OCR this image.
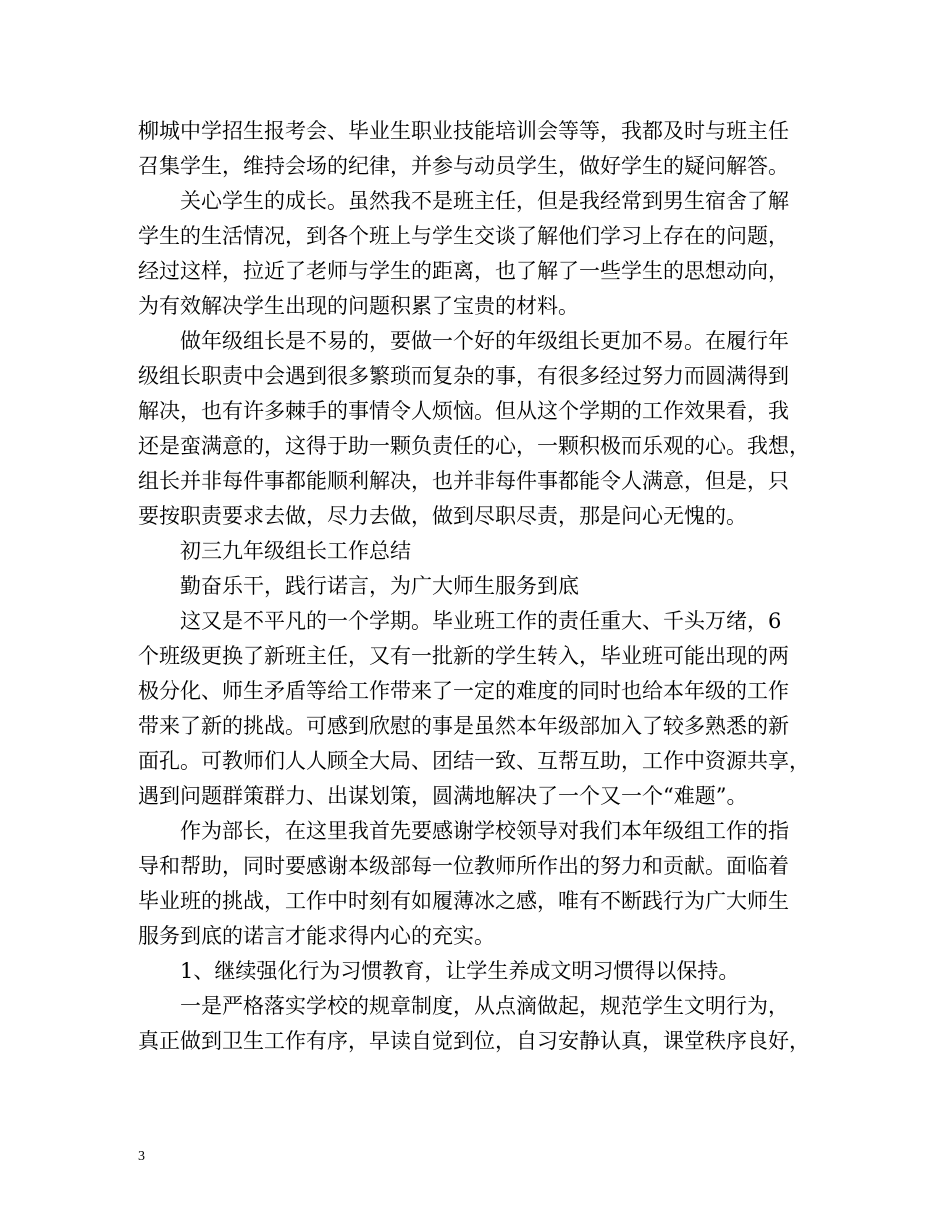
柳城中学招生报考会、毕业生职业技能培训会等等，我都及时与班主任
召集学生，维持会场的纪律，并参与动员学生，做好学生的疑问解答。
关心学生的成长。虽然我不是班主任，但是我经常到男生宿舍了解
学生的生活情况，到各个班上与学生交谈了解他们学习上存在的问题，
经过这样，拉近了老师与学生的距离，也了解了一些学生的思想动向，
为有效解决学生出现的问题积累了宝贵的材料。
做年级组长是不易的，要做一个好的年级组长更加不易。在履行年
级组长职责中会遇到很多繁琐而复杂的事，有很多经过努力而圆满得到
解决，也有许多棘手的事情令人烦恼。但从这个学期的工作效果看，我
还是蛮满意的，这得于助一颗负责任的心，一颗积极而乐观的心。我想，
组长并非每件事都能顺利解决，也并非每件事都能令人满意，但是，只
要按职责要求去做，尽力去做，做到尽职尽责，那是问心无愧的。
初三九年级组长工作总结
勤奋乐干，践行诺言，为广大师生服务到底
这又是不平凡的一个学期。毕业班工作的责任重大、千头万绪，6
个班级更换了新班主任，又有一批新的学生转入，毕业班可能出现的两
极分化、师生矛盾等给工作带来了一定的难度的同时也给本年级的工作
带来了新的挑战。可感到欣慰的事是虽然本年级部加入了较多熟悉的新
面孔。可教师们人人顾全大局、团结一致、互帮互助，工作中资源共享，
遇到问题群策群力、出谋划策，圆满地解决了一个又一个“难题”。
作为部长，在这里我首先要感谢学校领导对我们本年级组工作的指
导和帮助，同时要感谢本级部每一位教师所作出的努力和贡献。面临着
毕业班的挑战，工作中时刻有如履薄冰之感，唯有不断践行为广大师生
服务到底的诺言才能求得内心的充实。
1、继续强化行为习惯教育，让学生养成文明习惯得以保持。
一是严格落实学校的规章制度，从点滴做起，规范学生文明行为，
真正做到卫生工作有序，早读自觉到位，自习安静认真，课堂秩序良好，
3
